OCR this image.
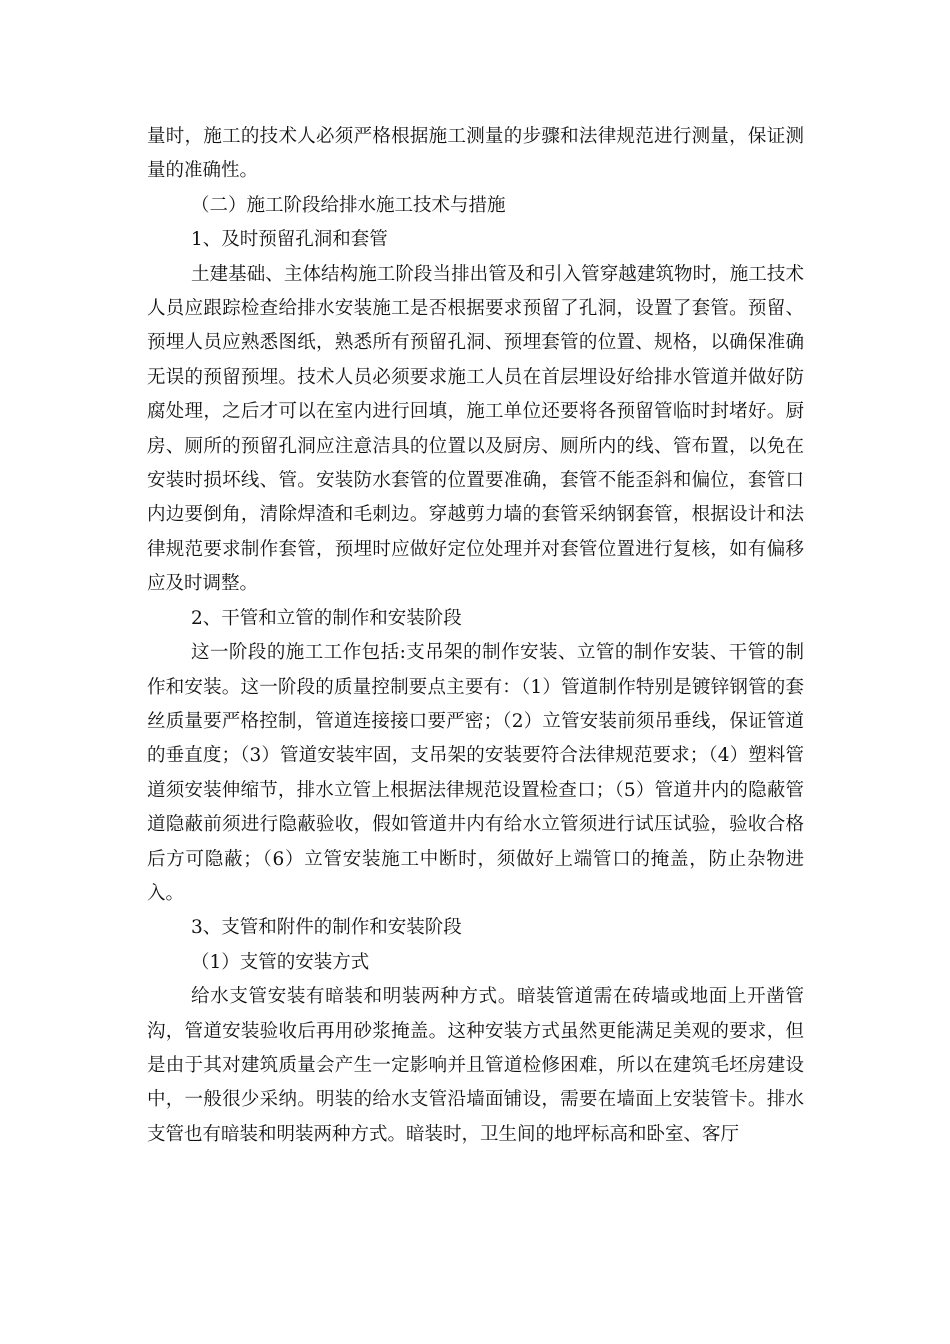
量时，施工的技术人必须严格根据施工测量的步骤和法律规范进行测量，保证测量的准确性。

（二）施工阶段给排水施工技术与措施

1、及时预留孔洞和套管

土建基础、主体结构施工阶段当排出管及和引入管穿越建筑物时，施工技术人员应跟踪检查给排水安装施工是否根据要求预留了孔洞，设置了套管。预留、预埋人员应熟悉图纸，熟悉所有预留孔洞、预埋套管的位置、规格，以确保准确无误的预留预埋。技术人员必须要求施工人员在首层埋设好给排水管道并做好防腐处理，之后才可以在室内进行回填，施工单位还要将各预留管临时封堵好。厨房、厕所的预留孔洞应注意洁具的位置以及厨房、厕所内的线、管布置，以免在安装时损坏线、管。安装防水套管的位置要准确，套管不能歪斜和偏位，套管口内边要倒角，清除焊渣和毛刺边。穿越剪力墙的套管采纳钢套管，根据设计和法律规范要求制作套管，预埋时应做好定位处理并对套管位置进行复核，如有偏移应及时调整。

2、干管和立管的制作和安装阶段

这一阶段的施工工作包括:支吊架的制作安装、立管的制作安装、干管的制作和安装。这一阶段的质量控制要点主要有：（1）管道制作特别是镀锌钢管的套丝质量要严格控制，管道连接接口要严密；（2）立管安装前须吊垂线，保证管道的垂直度；（3）管道安装牢固，支吊架的安装要符合法律规范要求；（4）塑料管道须安装伸缩节，排水立管上根据法律规范设置检查口；（5）管道井内的隐蔽管道隐蔽前须进行隐蔽验收，假如管道井内有给水立管须进行试压试验，验收合格后方可隐蔽；（6）立管安装施工中断时，须做好上端管口的掩盖，防止杂物进入。

3、支管和附件的制作和安装阶段

（1）支管的安装方式

给水支管安装有暗装和明装两种方式。暗装管道需在砖墙或地面上开凿管沟，管道安装验收后再用砂浆掩盖。这种安装方式虽然更能满足美观的要求，但是由于其对建筑质量会产生一定影响并且管道检修困难，所以在建筑毛坯房建设中，一般很少采纳。明装的给水支管沿墙面铺设，需要在墙面上安装管卡。排水支管也有暗装和明装两种方式。暗装时，卫生间的地坪标高和卧室、客厅
